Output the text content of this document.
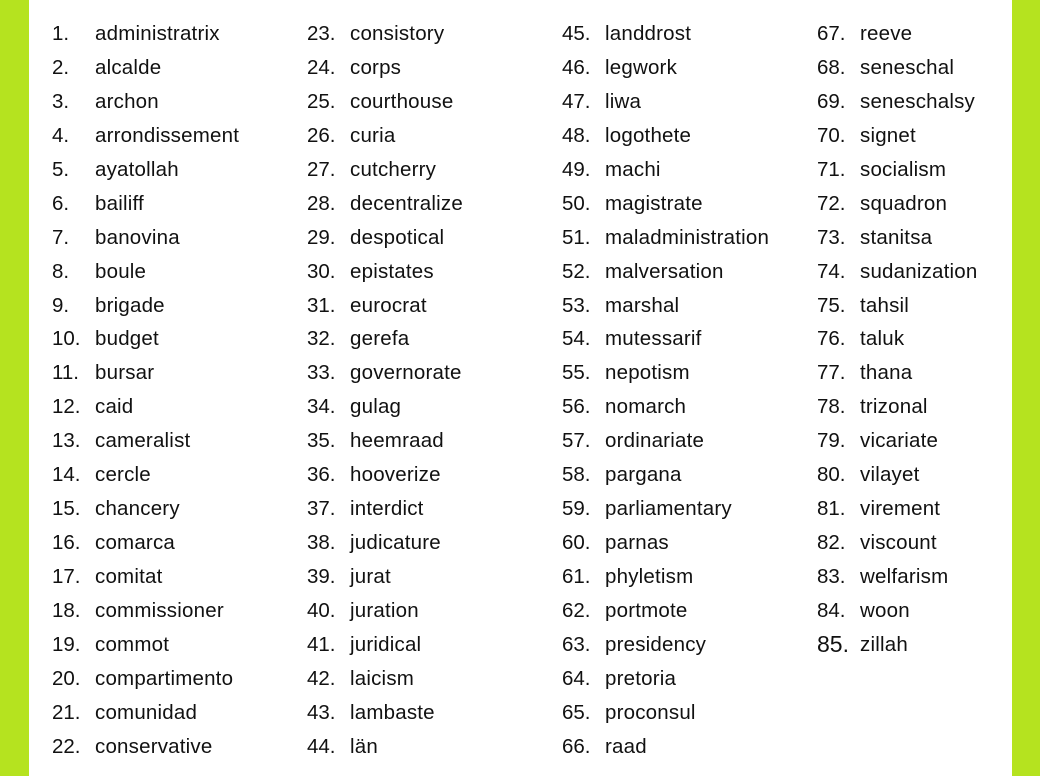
1.	administratrix
2.	alcalde
3.	archon
4.	arrondissement
5.	ayatollah
6.	bailiff
7.	banovina
8.	boule
9.	brigade
10. budget
11. bursar
12. caid
13. cameralist
14. cercle
15. chancery
16. comarca
17. comitat
18. commissioner
19. commot
20. compartimento
21. comunidad
22. conservative
23. consistory
24. corps
25. courthouse
26. curia
27. cutcherry
28. decentralize
29. despotical
30. epistates
31. eurocrat
32. gerefa
33. governorate
34. gulag
35. heemraad
36. hooverize
37. interdict
38. judicature
39. jurat
40. juration
41. juridical
42. laicism
43. lambaste
44. län
45. landdrost
46. legwork
47. liwa
48. logothete
49. machi
50. magistrate
51. maladministration
52. malversation
53. marshal
54. mutessarif
55. nepotism
56. nomarch
57. ordinariate
58. pargana
59. parliamentary
60. parnas
61. phyletism
62. portmote
63. presidency
64. pretoria
65. proconsul
66. raad
67. reeve
68. seneschal
69. seneschalsy
70. signet
71. socialism
72. squadron
73. stanitsa
74. sudanization
75. tahsil
76. taluk
77. thana
78. trizonal
79. vicariate
80. vilayet
81. virement
82. viscount
83. welfarism
84. woon
85. zillah
